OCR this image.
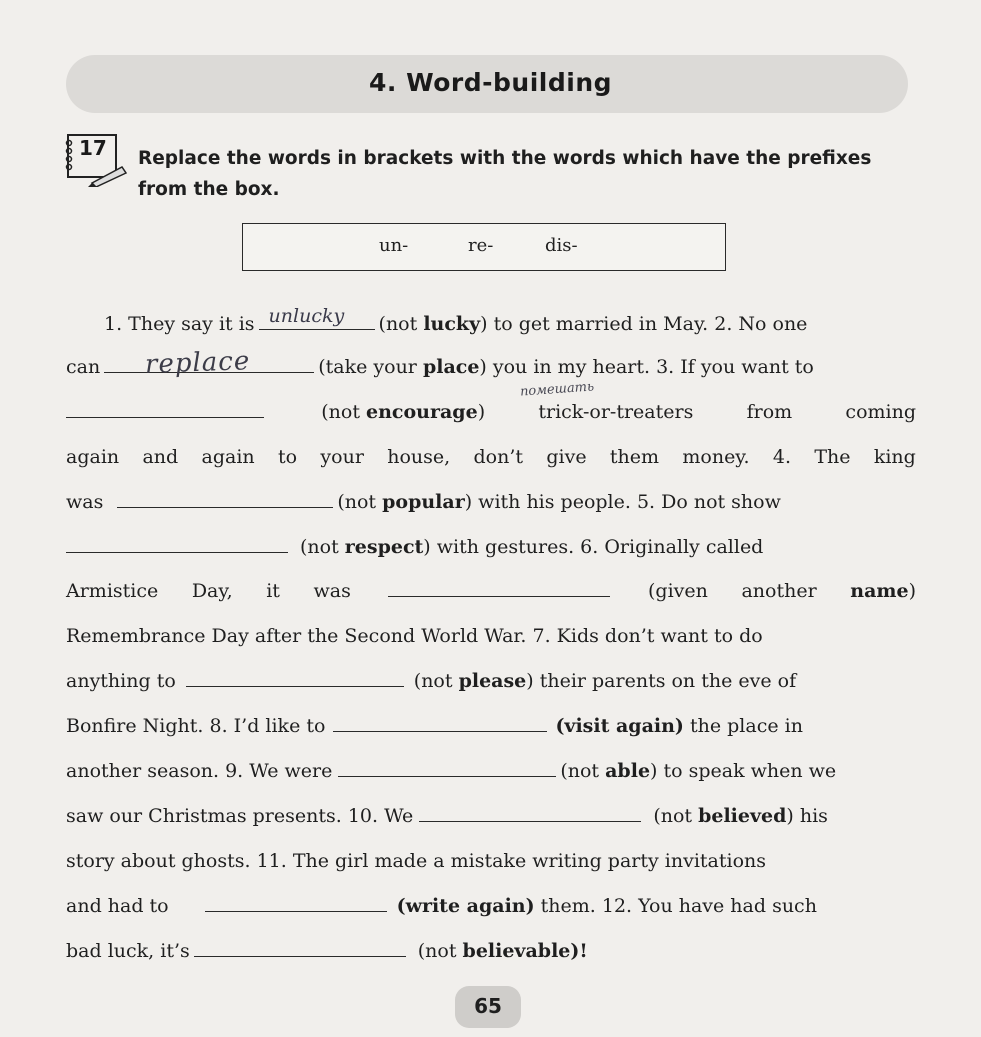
4. Word-building
17 Replace the words in brackets with the words which have the prefixes
from the box.
un-	re-	dis-
1. They say it is unlucky (not
lucky ) to get married in May. 2. No one
can	(take your
place ) you in my heart. 3. If you want to
(not encourage)	trick-or-treaters	from	coming
again and again to your house, don’t give them money. 4. The king
was	(not
popular ) with his people. 5. Do not show
(not
respect ) with gestures. 6. Originally called
Armistice Day, it was	(given another name)
Remembrance Day after the Second World War. 7. Kids don’t want to do
anything
to	(not
please ) their parents on the eve of
Bonfire Night. 8. I’d like to	(visit again)
the place in
another season. 9. We were	(not
able ) to speak when we
saw our Christmas presents. 10. We	(not
believed ) his
story about ghosts. 11. The girl made a mistake writing party invitations
and had to	(write again)
them. 12. You have had such
bad luck, it’s	(not
believable )!
replace
помешать
65
